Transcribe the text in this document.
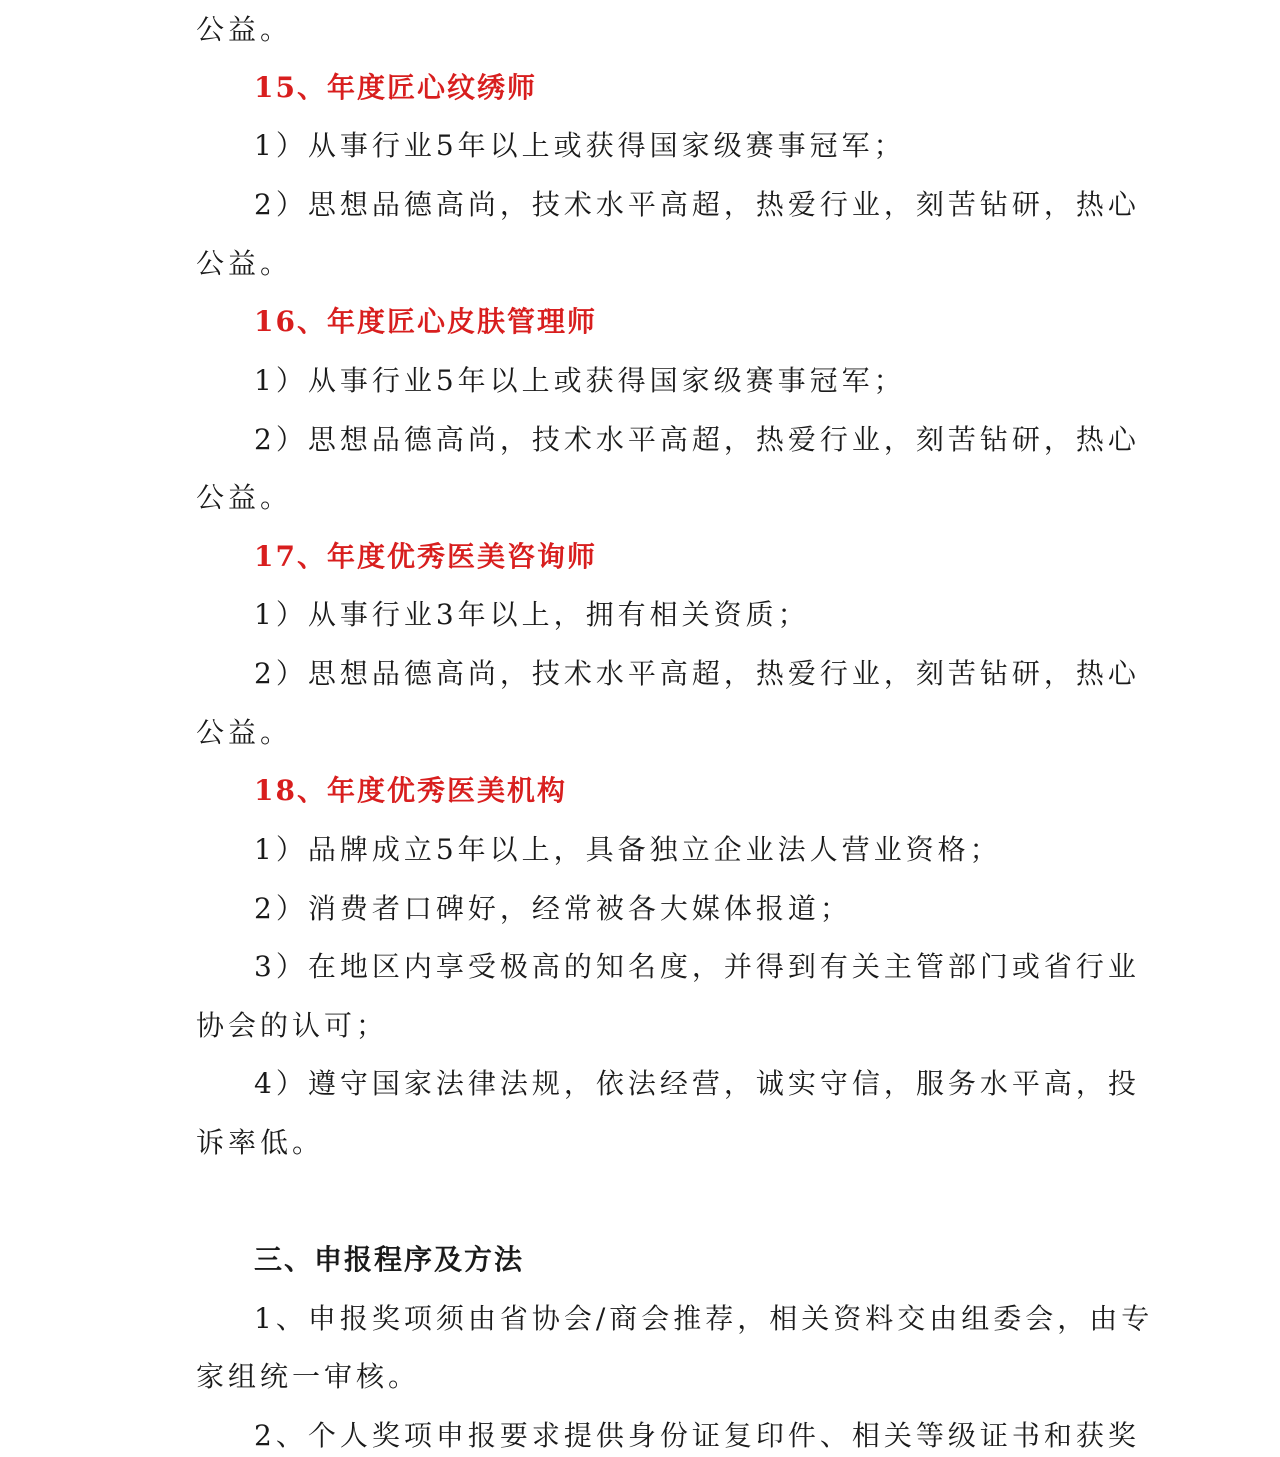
公益。
15、年度匠心纹绣师
1）从事行业5年以上或获得国家级赛事冠军；
2）思想品德高尚，技术水平高超，热爱行业，刻苦钻研，热心
公益。
16、年度匠心皮肤管理师
1）从事行业5年以上或获得国家级赛事冠军；
2）思想品德高尚，技术水平高超，热爱行业，刻苦钻研，热心
公益。
17、年度优秀医美咨询师
1）从事行业3年以上，拥有相关资质；
2）思想品德高尚，技术水平高超，热爱行业，刻苦钻研，热心
公益。
18、年度优秀医美机构
1）品牌成立5年以上，具备独立企业法人营业资格；
2）消费者口碑好，经常被各大媒体报道；
3）在地区内享受极高的知名度，并得到有关主管部门或省行业
协会的认可；
4）遵守国家法律法规，依法经营，诚实守信，服务水平高，投
诉率低。
三、申报程序及方法
1、申报奖项须由省协会/商会推荐，相关资料交由组委会，由专
家组统一审核。
2、个人奖项申报要求提供身份证复印件、相关等级证书和获奖
